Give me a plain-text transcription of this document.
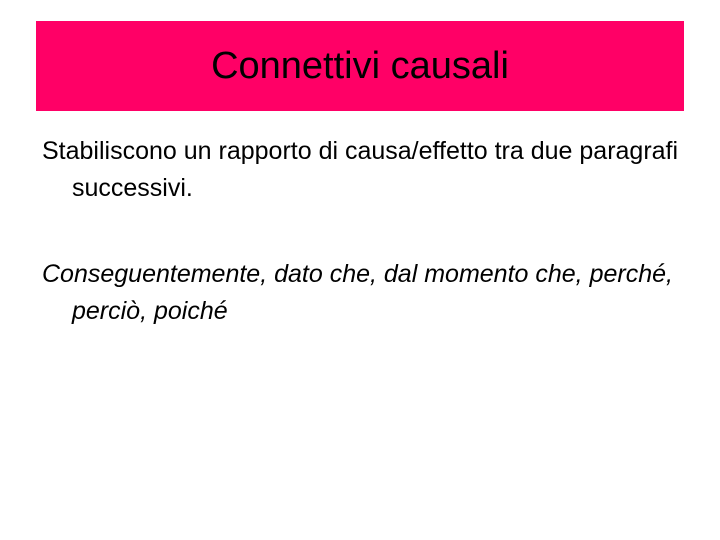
Connettivi causali

Stabiliscono un rapporto di causa/effetto tra due paragrafi successivi.

Conseguentemente, dato che, dal momento che, perché, perciò, poiché
